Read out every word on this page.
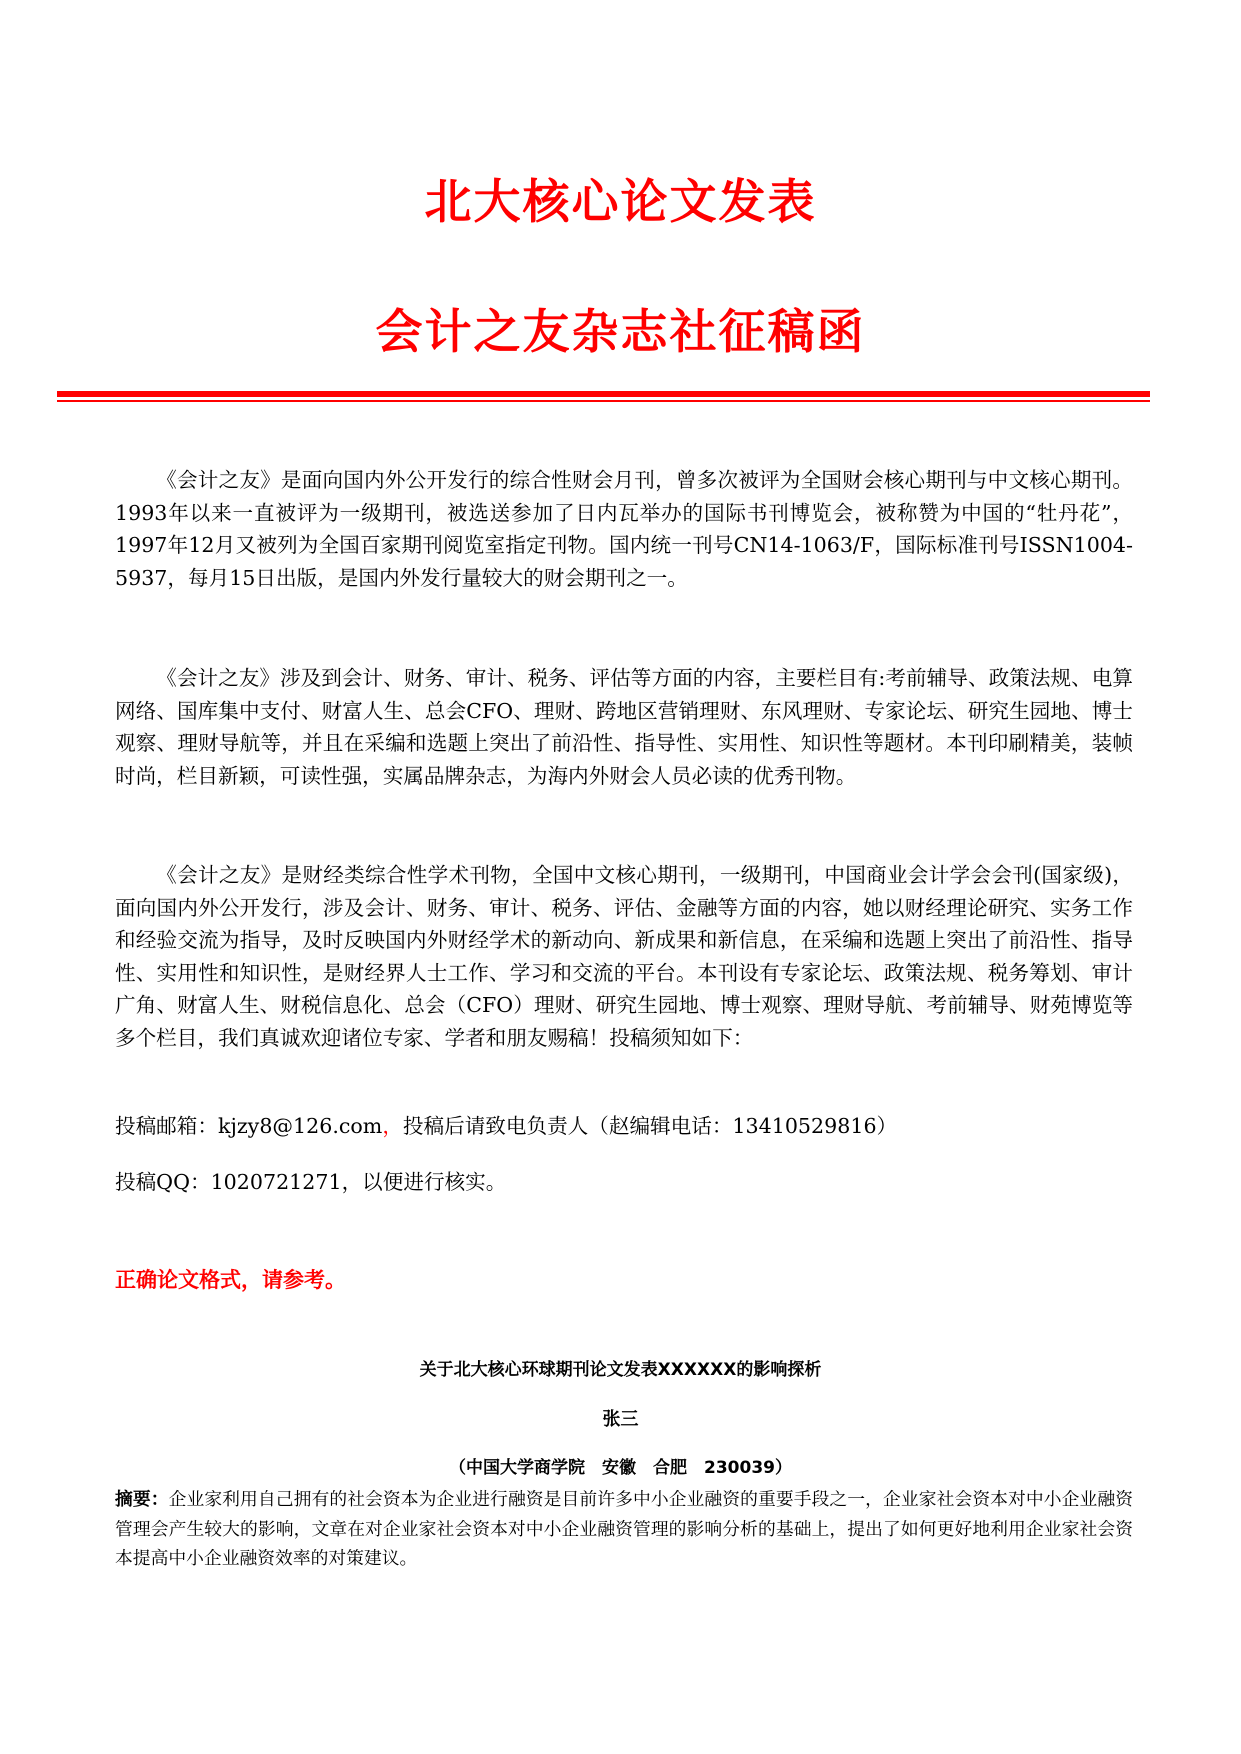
北大核心论文发表
会计之友杂志社征稿函

《会计之友》是面向国内外公开发行的综合性财会月刊，曾多次被评为全国财会核心期刊与中文核心期刊。1993年以来一直被评为一级期刊，被选送参加了日内瓦举办的国际书刊博览会，被称赞为中国的“牡丹花”，1997年12月又被列为全国百家期刊阅览室指定刊物。国内统一刊号CN14-1063/F，国际标准刊号ISSN1004-5937，每月15日出版，是国内外发行量较大的财会期刊之一。

《会计之友》涉及到会计、财务、审计、税务、评估等方面的内容，主要栏目有:考前辅导、政策法规、电算网络、国库集中支付、财富人生、总会CFO、理财、跨地区营销理财、东风理财、专家论坛、研究生园地、博士观察、理财导航等，并且在采编和选题上突出了前沿性、指导性、实用性、知识性等题材。本刊印刷精美，装帧时尚，栏目新颖，可读性强，实属品牌杂志，为海内外财会人员必读的优秀刊物。

《会计之友》是财经类综合性学术刊物，全国中文核心期刊，一级期刊，中国商业会计学会会刊(国家级)，面向国内外公开发行，涉及会计、财务、审计、税务、评估、金融等方面的内容，她以财经理论研究、实务工作和经验交流为指导，及时反映国内外财经学术的新动向、新成果和新信息，在采编和选题上突出了前沿性、指导性、实用性和知识性，是财经界人士工作、学习和交流的平台。本刊设有专家论坛、政策法规、税务筹划、审计广角、财富人生、财税信息化、总会（CFO）理财、研究生园地、博士观察、理财导航、考前辅导、财苑博览等多个栏目，我们真诚欢迎诸位专家、学者和朋友赐稿！投稿须知如下：

投稿邮箱：kjzy8@126.com，投稿后请致电负责人（赵编辑电话：13410529816）
投稿QQ：1020721271，以便进行核实。
正确论文格式，请参考。
关于北大核心环球期刊论文发表XXXXXX的影响探析
张三
（中国大学商学院　安徽　合肥　230039）

摘要：企业家利用自己拥有的社会资本为企业进行融资是目前许多中小企业融资的重要手段之一，企业家社会资本对中小企业融资管理会产生较大的影响，文章在对企业家社会资本对中小企业融资管理的影响分析的基础上，提出了如何更好地利用企业家社会资本提高中小企业融资效率的对策建议。
